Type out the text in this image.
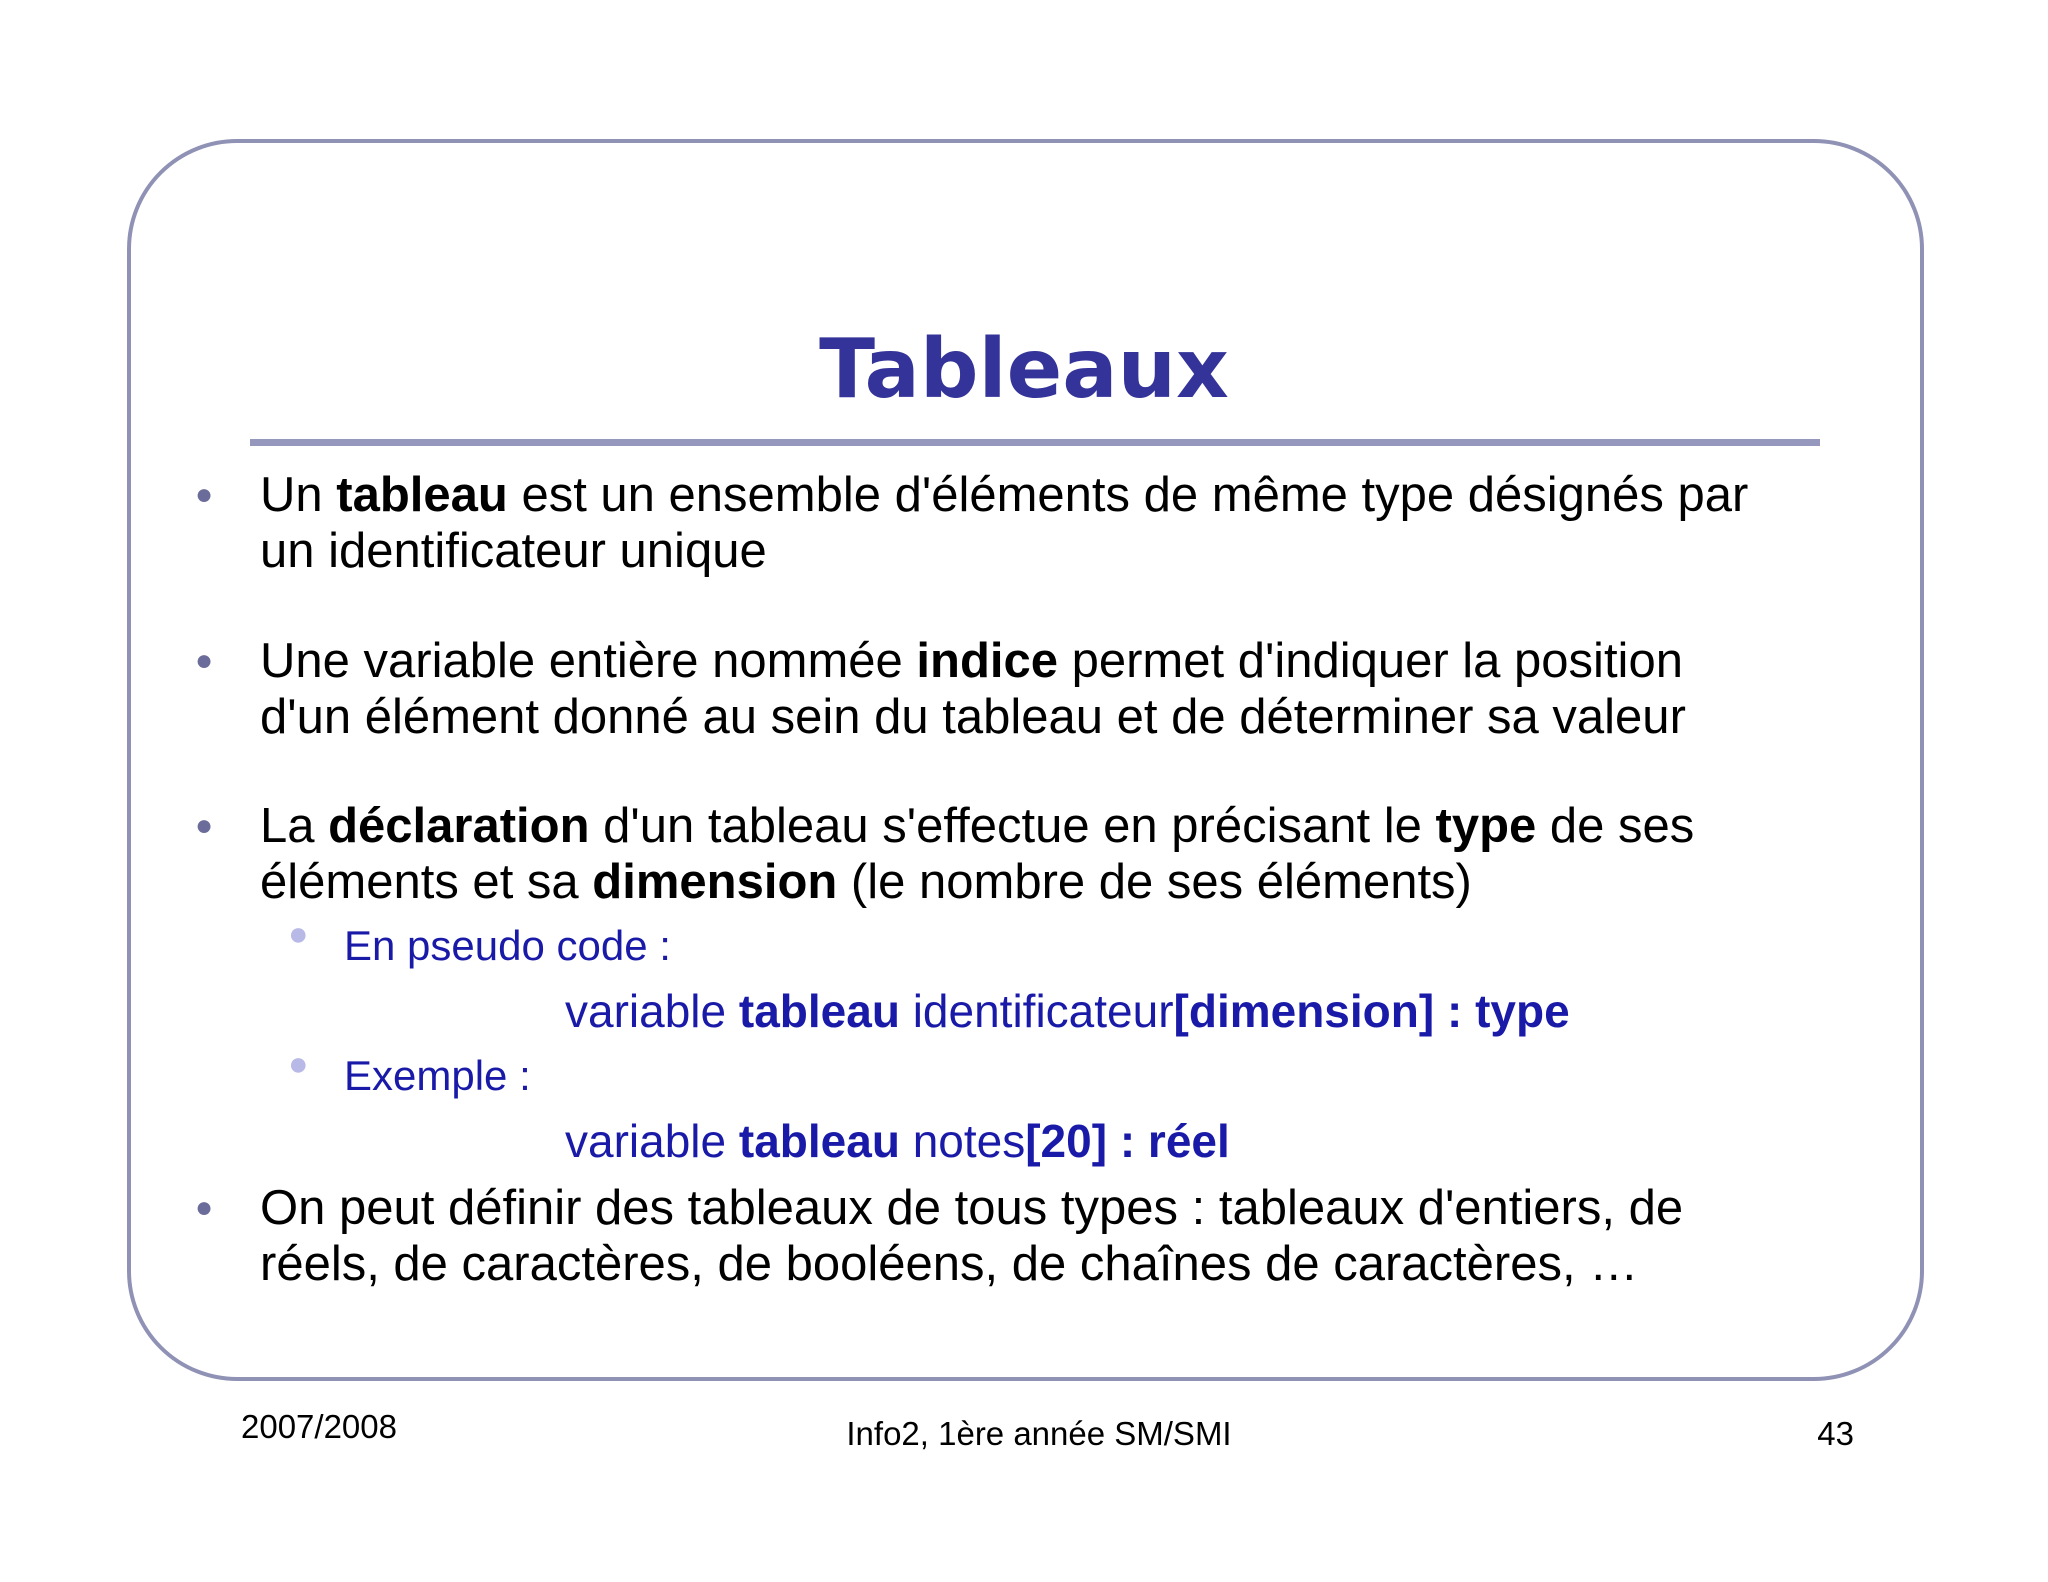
Tableaux
● Un tableau est un ensemble d'éléments de même type désignés par
un identificateur unique
● Une variable entière nommée indice permet d'indiquer la position
d'un élément donné au sein du tableau et de déterminer sa valeur
● La déclaration d'un tableau s'effectue en précisant le type de ses
éléments et sa dimension (le nombre de ses éléments)
● En pseudo code :
variable tableau identificateur[dimension] : type
● Exemple :
variable tableau notes[20] : réel
● On peut définir des tableaux de tous types : tableaux d'entiers, de
réels, de caractères, de booléens, de chaînes de caractères, …
2007/2008	Info2, 1ère année SM/SMI	43
